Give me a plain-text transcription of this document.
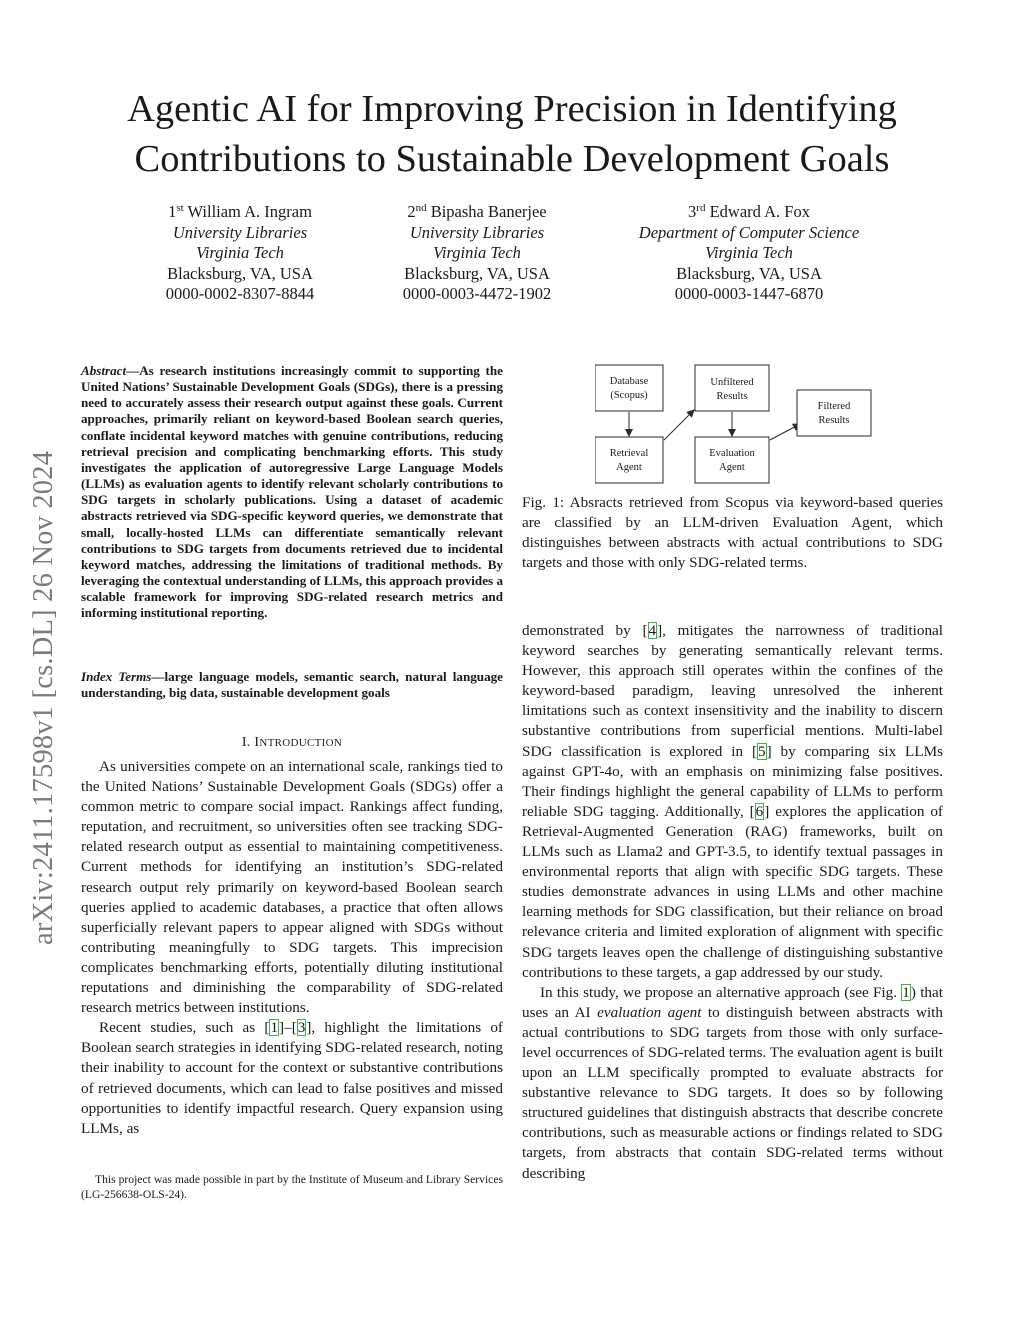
Agentic AI for Improving Precision in Identifying
Contributions to Sustainable Development Goals
1st William A. Ingram
University Libraries
Virginia Tech
Blacksburg, VA, USA
0000-0002-8307-8844
2nd Bipasha Banerjee
University Libraries
Virginia Tech
Blacksburg, VA, USA
0000-0003-4472-1902
3rd Edward A. Fox
Department of Computer Science
Virginia Tech
Blacksburg, VA, USA
0000-0003-1447-6870
arXiv:2411.17598v1 [cs.DL] 26 Nov 2024
Abstract—As research institutions increasingly commit to supporting the United Nations’ Sustainable Development Goals (SDGs), there is a pressing need to accurately assess their research output against these goals. Current approaches, primarily reliant on keyword-based Boolean search queries, conflate incidental keyword matches with genuine contributions, reducing retrieval precision and complicating benchmarking efforts. This study investigates the application of autoregressive Large Language Models (LLMs) as evaluation agents to identify relevant scholarly contributions to SDG targets in scholarly publications. Using a dataset of academic abstracts retrieved via SDG-specific keyword queries, we demonstrate that small, locally-hosted LLMs can differentiate semantically relevant contributions to SDG targets from documents retrieved due to incidental keyword matches, addressing the limitations of traditional methods. By leveraging the contextual understanding of LLMs, this approach provides a scalable framework for improving SDG-related research metrics and informing institutional reporting.
Index Terms—large language models, semantic search, natural language understanding, big data, sustainable development goals
I. INTRODUCTION

As universities compete on an international scale, rankings tied to the United Nations’ Sustainable Development Goals (SDGs) offer a common metric to compare social impact. Rankings affect funding, reputation, and recruitment, so universities often see tracking SDG-related research output as essential to maintaining competitiveness. Current methods for identifying an institution’s SDG-related research output rely primarily on keyword-based Boolean search queries applied to academic databases, a practice that often allows superficially relevant papers to appear aligned with SDGs without contributing meaningfully to SDG targets. This imprecision complicates benchmarking efforts, potentially diluting institutional reputations and diminishing the comparability of SDG-related research metrics between institutions.

Recent studies, such as [1]–[3], highlight the limitations of Boolean search strategies in identifying SDG-related research, noting their inability to account for the context or substantive contributions of retrieved documents, which can lead to false positives and missed opportunities to identify impactful research. Query expansion using LLMs, as

This project was made possible in part by the Institute of Museum and Library Services (LG-256638-OLS-24).
Database
(Scopus)
Retrieval
Agent
Unfiltered
Results
Evaluation
Agent
Filtered
Results
Fig. 1: Absracts retrieved from Scopus via keyword-based queries are classified by an LLM-driven Evaluation Agent, which distinguishes between abstracts with actual contributions to SDG targets and those with only SDG-related terms.

demonstrated by [4], mitigates the narrowness of traditional keyword searches by generating semantically relevant terms. However, this approach still operates within the confines of the keyword-based paradigm, leaving unresolved the inherent limitations such as context insensitivity and the inability to discern substantive contributions from superficial mentions. Multi-label SDG classification is explored in [5] by comparing six LLMs against GPT-4o, with an emphasis on minimizing false positives. Their findings highlight the general capability of LLMs to perform reliable SDG tagging. Additionally, [6] explores the application of Retrieval-Augmented Generation (RAG) frameworks, built on LLMs such as Llama2 and GPT-3.5, to identify textual passages in environmental reports that align with specific SDG targets. These studies demonstrate advances in using LLMs and other machine learning methods for SDG classification, but their reliance on broad relevance criteria and limited exploration of alignment with specific SDG targets leaves open the challenge of distinguishing substantive contributions to these targets, a gap addressed by our study.

In this study, we propose an alternative approach (see Fig. 1) that uses an AI evaluation agent to distinguish between abstracts with actual contributions to SDG targets from those with only surface-level occurrences of SDG-related terms. The evaluation agent is built upon an LLM specifically prompted to evaluate abstracts for substantive relevance to SDG targets. It does so by following structured guidelines that distinguish abstracts that describe concrete contributions, such as measurable actions or findings related to SDG targets, from abstracts that contain SDG-related terms without describing
